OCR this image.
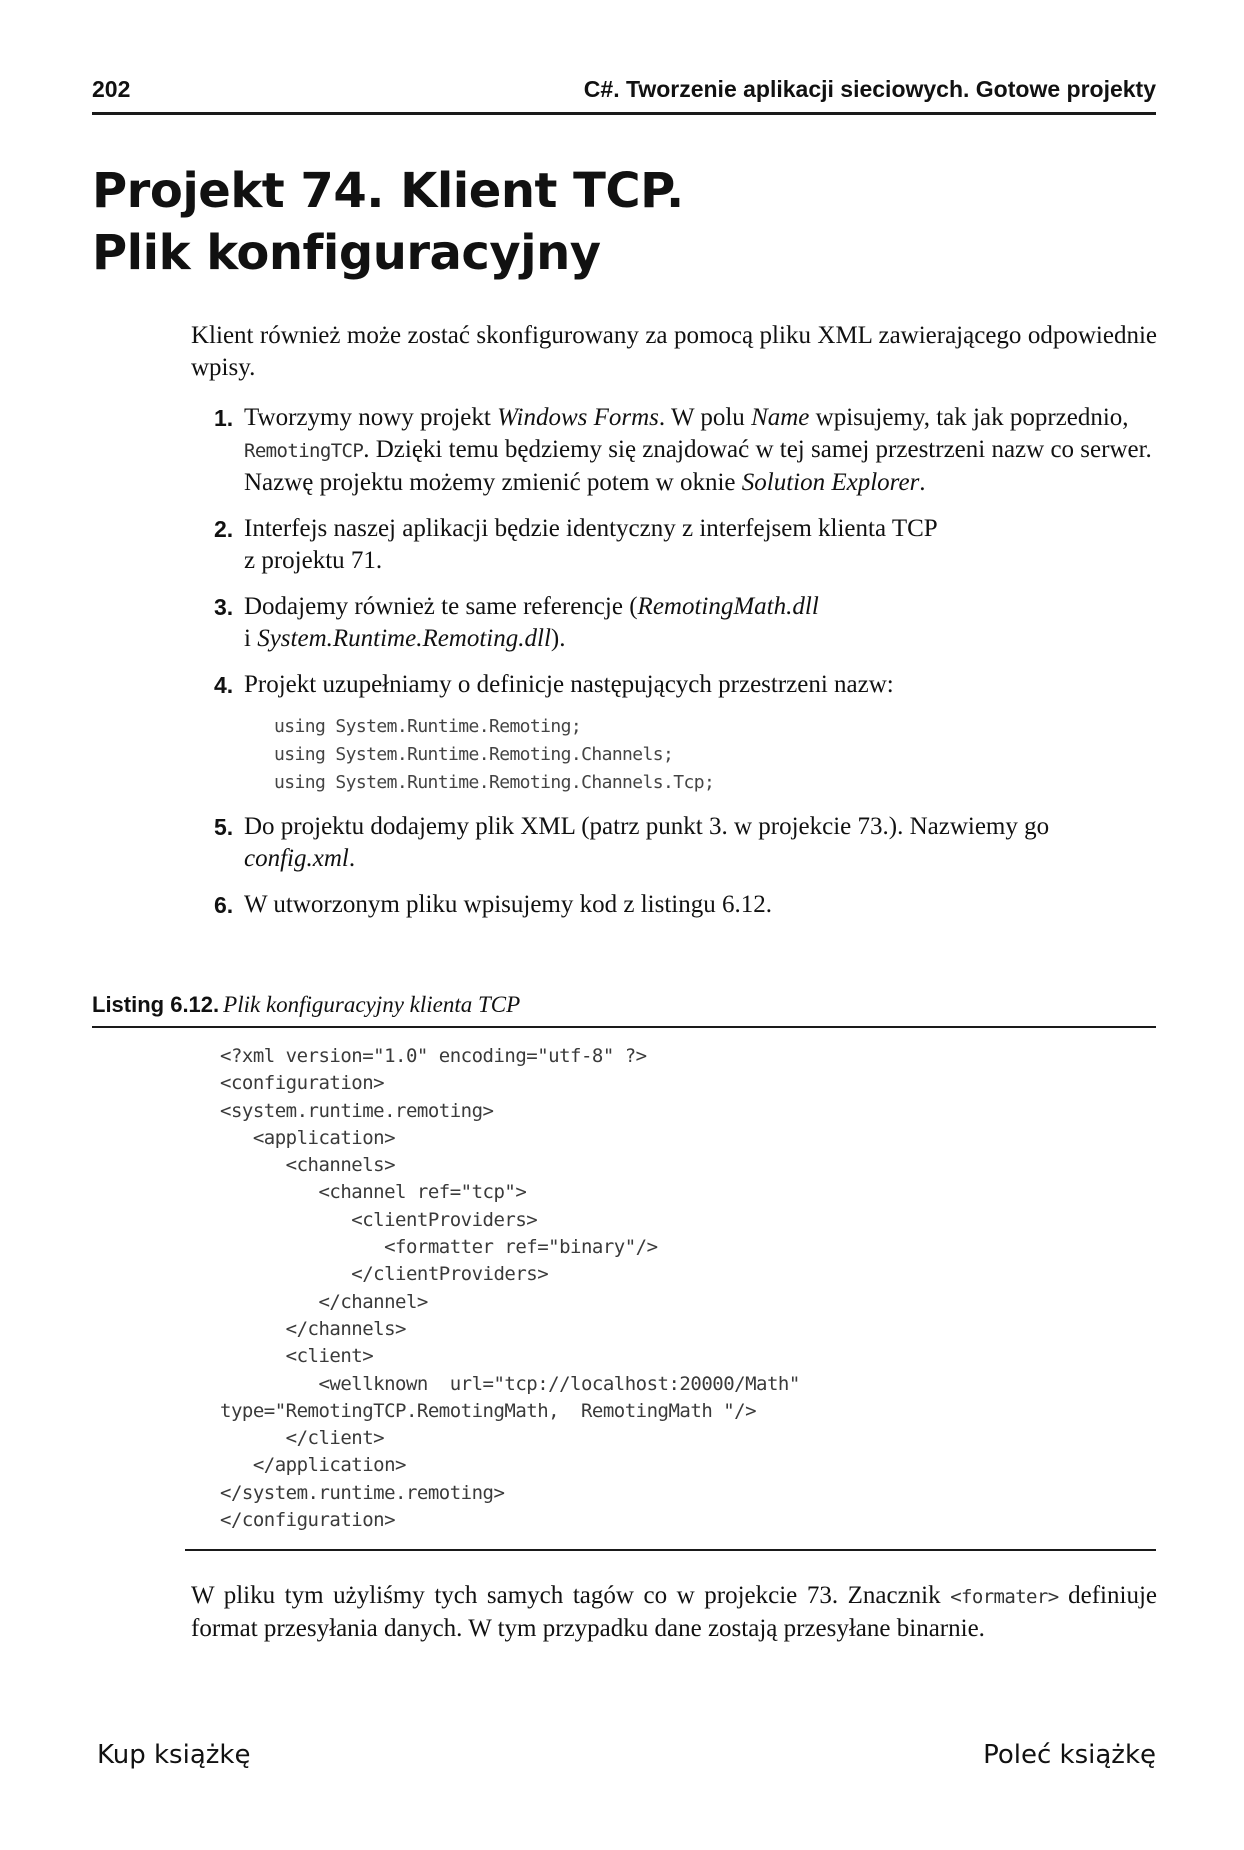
202	C#. Tworzenie aplikacji sieciowych. Gotowe projekty
Projekt 74. Klient TCP.
Plik konfiguracyjny

Klient również może zostać skonfigurowany za pomocą pliku XML zawierającego odpowiednie wpisy.

1. Tworzymy nowy projekt Windows Forms. W polu Name wpisujemy, tak jak poprzednio, RemotingTCP. Dzięki temu będziemy się znajdować w tej samej przestrzeni nazw co serwer. Nazwę projektu możemy zmienić potem w oknie Solution Explorer.

2. Interfejs naszej aplikacji będzie identyczny z interfejsem klienta TCP
z projektu 71.

3. Dodajemy również te same referencje (RemotingMath.dll
i System.Runtime.Remoting.dll).

4. Projekt uzupełniamy o definicje następujących przestrzeni nazw:

using System.Runtime.Remoting;
using System.Runtime.Remoting.Channels;
using System.Runtime.Remoting.Channels.Tcp;
5. Do projektu dodajemy plik XML (patrz punkt 3. w projekcie 73.). Nazwiemy go config.xml.

6. W utworzonym pliku wpisujemy kod z listingu 6.12.

Listing 6.12. Plik konfiguracyjny klienta TCP
<?xml version="1.0" encoding="utf-8" ?>
<configuration>
<system.runtime.remoting>
<application>
<channels>
<channel ref="tcp">
<clientProviders>
<formatter ref="binary"/>
</clientProviders>
</channel>
</channels>
<client>
<wellknown  url="tcp://localhost:20000/Math"
type="RemotingTCP.RemotingMath,  RemotingMath "/>
</client>
</application>
</system.runtime.remoting>
</configuration>

W pliku tym użyliśmy tych samych tagów co w projekcie 73. Znacznik <formater> definiuje format przesyłania danych. W tym przypadku dane zostają przesyłane binarnie.

Kup książkę	Poleć książkę
